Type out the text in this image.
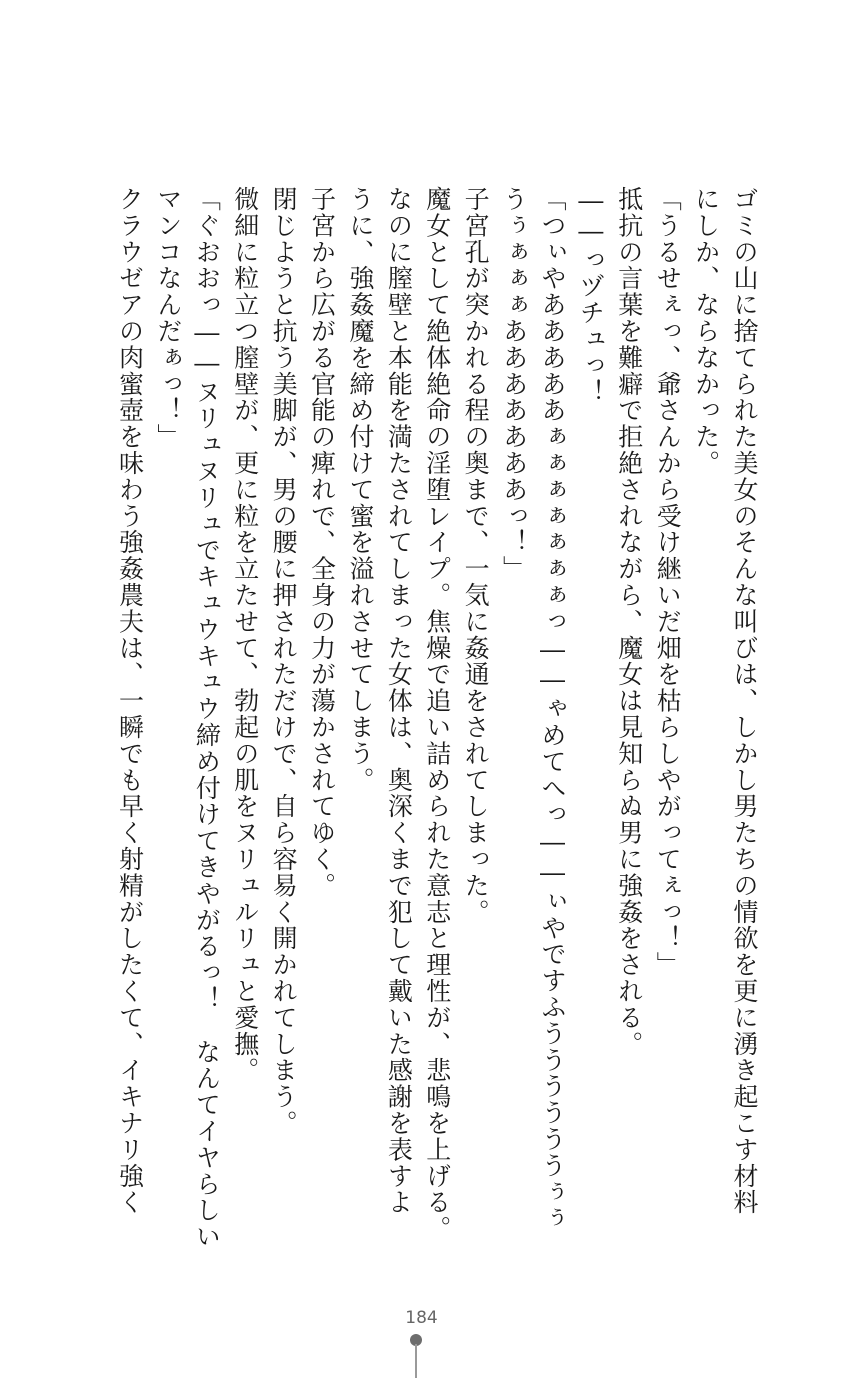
ゴミの山に捨てられた美女のそんな叫びは、しかし男たちの情欲を更に湧き起こす材料
にしか、ならなかった。
「うるせぇっ、爺さんから受け継いだ畑を枯らしやがってぇっ！」
抵抗の言葉を難癖で拒絶されながら、魔女は見知らぬ男に強姦をされる。
――っヅチュっ！
「つぃやあああああぁぁぁぁぁぁぁっ――ゃめてへっ――ぃやですふううううううぅぅ
うぅぁぁぁあああああああっ！」
子宮孔が突かれる程の奥まで、一気に姦通をされてしまった。
魔女として絶体絶命の淫堕レイプ。焦燥で追い詰められた意志と理性が、悲鳴を上げる。
なのに膣壁と本能を満たされてしまった女体は、奥深くまで犯して戴いた感謝を表すよ
うに、強姦魔を締め付けて蜜を溢れさせてしまう。
子宮から広がる官能の痺れで、全身の力が蕩かされてゆく。
閉じようと抗う美脚が、男の腰に押されただけで、自ら容易く開かれてしまう。
微細に粒立つ膣壁が、更に粒を立たせて、勃起の肌をヌリュルリュと愛撫。
「ぐおおっ――ヌリュヌリュでキュウキュウ締め付けてきやがるっ！　なんてイヤらしい
マンコなんだぁっ！」
クラウゼアの肉蜜壺を味わう強姦農夫は、一瞬でも早く射精がしたくて、イキナリ強く
184
